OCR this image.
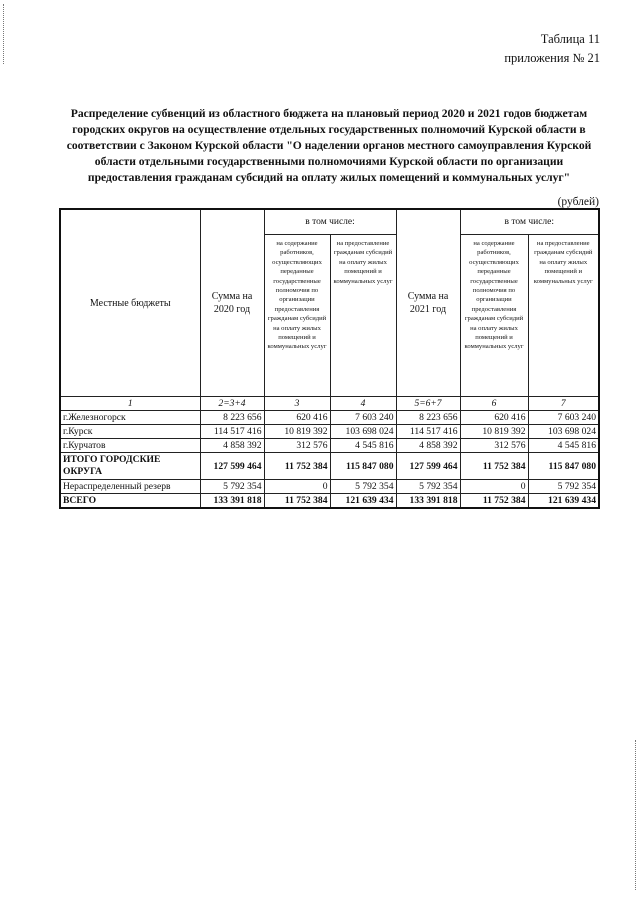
Таблица 11
приложения № 21
Распределение субвенций из областного бюджета на плановый период 2020 и 2021 годов бюджетам городских округов на осуществление отдельных государственных полномочий Курской области в соответствии с Законом Курской области "О наделении органов местного самоуправления Курской области отдельными государственными полномочиями Курской области по организации предоставления гражданам субсидий на оплату жилых помещений и коммунальных услуг"
(рублей)
Местные бюджеты	Сумма на 2020 год	в том числе:		Сумма на 2021 год	в том числе:	
		на содержание работников, осуществляющих переданные государственные полномочия по организации предоставления гражданам субсидий на оплату жилых помещений и коммунальных услуг	на предоставление гражданам субсидий на оплату жилых помещений и коммунальных услуг		на содержание работников, осуществляющих переданные государственные полномочия по организации предоставления гражданам субсидий на оплату жилых помещений и коммунальных услуг	на предоставление гражданам субсидий на оплату жилых помещений и коммунальных услуг
1	2=3+4	3	4	5=6+7	6	7
г.Железногорск	8 223 656	620 416	7 603 240	8 223 656	620 416	7 603 240
г.Курск	114 517 416	10 819 392	103 698 024	114 517 416	10 819 392	103 698 024
г.Курчатов	4 858 392	312 576	4 545 816	4 858 392	312 576	4 545 816
ИТОГО ГОРОДСКИЕ ОКРУГА	127 599 464	11 752 384	115 847 080	127 599 464	11 752 384	115 847 080
Нераспределенный резерв	5 792 354	0	5 792 354	5 792 354	0	5 792 354
ВСЕГО	133 391 818	11 752 384	121 639 434	133 391 818	11 752 384	121 639 434
